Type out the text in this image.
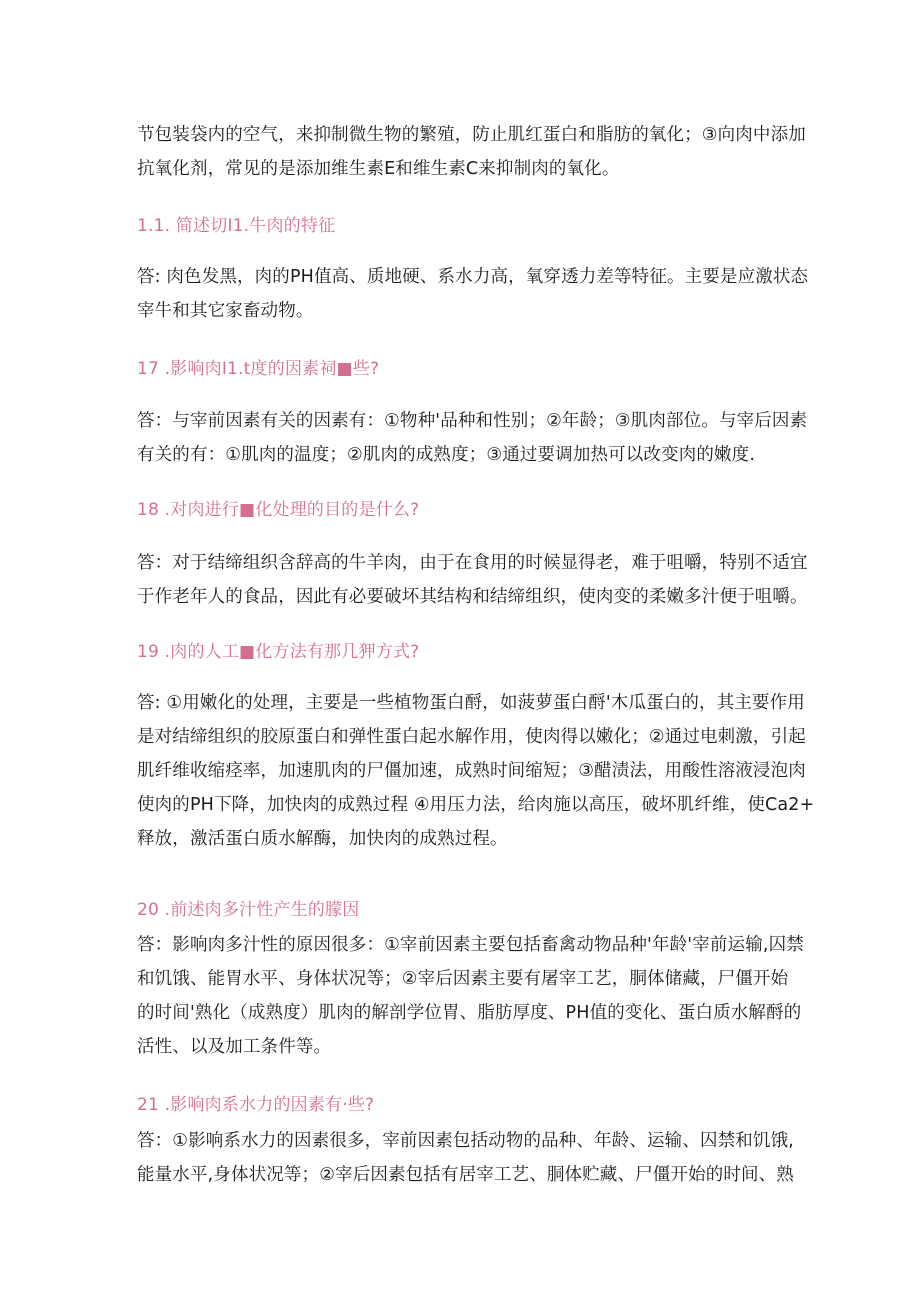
节包装袋内的空气，来抑制微生物的繁殖，防止肌红蛋白和脂肪的氧化；③向肉中添加
抗氧化剂，常见的是添加维生素E和维生素C来抑制肉的氧化。
1.1. 简述切I1.牛肉的特征
答: 肉色发黑，肉的PH值高、质地硬、系水力高，氧穿透力差等特征。主要是应激状态
宰牛和其它家畜动物。
17 .影响肉I1.t度的因素祠■些?
答：与宰前因素有关的因素有：①物种'品种和性别；②年龄；③肌肉部位。与宰后因素
有关的有：①肌肉的温度；②肌肉的成熟度；③通过要调加热可以改变肉的嫩度.
18 .对肉进行■化处理的目的是什么?
答：对于结缔组织含辞高的牛羊肉，由于在食用的时候显得老，难于咀嚼，特别不适宜
于作老年人的食品，因此有必要破坏其结构和结缔组织，使肉变的柔嫩多汁便于咀嚼。
19 .肉的人工■化方法有那几狎方式?
答: ①用嫩化的处理，主要是一些植物蛋白酹，如菠萝蛋白酹'木瓜蛋白的，其主要作用
是对结缔组织的胶原蛋白和弹性蛋白起水解作用，使肉得以嫩化；②通过电刺激，引起
肌纤维收缩痉率，加速肌肉的尸僵加速，成熟时间缩短；③醋渍法，用酸性溶液浸泡肉
使肉的PH下降，加快肉的成熟过程 ④用压力法，给肉施以高压，破坏肌纤维，使Ca2+
释放，激活蛋白质水解酶，加快肉的成熟过程。
20 .前述肉多汁性产生的朦因
答：影响肉多汁性的原因很多：①宰前因素主要包括畜禽动物品种'年龄'宰前运输,囚禁
和饥饿、能胃水平、身体状况等；②宰后因素主要有屠宰工艺，胴体储藏，尸僵开始
的时间'熟化（成熟度）肌肉的解剖学位胃、脂肪厚度、PH值的变化、蛋白质水解酹的
活性、以及加工条件等。
21 .影响肉系水力的因素有·些?
答：①影响系水力的因素很多，宰前因素包括动物的品种、年龄、运输、囚禁和饥饿,
能量水平,身体状况等；②宰后因素包括有居宰工艺、胴体贮藏、尸僵开始的时间、熟
